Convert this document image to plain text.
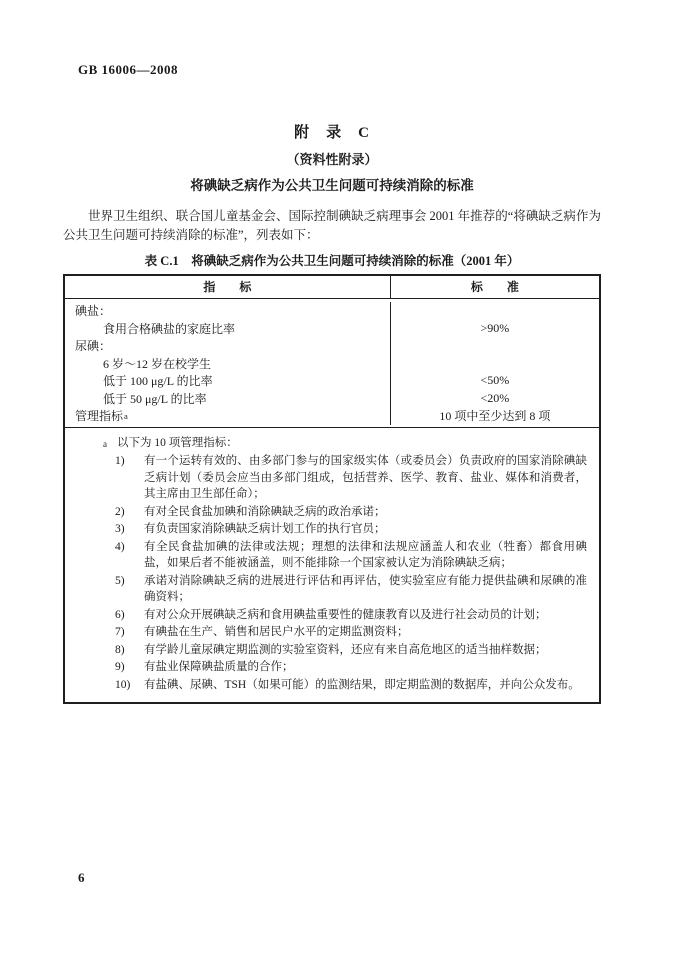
GB 16006—2008
附　录　C
（资料性附录）
将碘缺乏病作为公共卫生问题可持续消除的标准

世界卫生组织、联合国儿童基金会、国际控制碘缺乏病理事会 2001 年推荐的“将碘缺乏病作为公共卫生问题可持续消除的标准”，列表如下：

表 C.1　将碘缺乏病作为公共卫生问题可持续消除的标准（2001 年）
指　　标	标　　准
碘盐：
食用合格碘盐的家庭比率	>90%
尿碘：
6 岁～12 岁在校学生
低于 100 μg/L 的比率	<50%
低于 50 μg/L 的比率	<20%
管理指标 a	10 项中至少达到 8 项
a 以下为 10 项管理指标：
1)	有一个运转有效的、由多部门参与的国家级实体（或委员会）负责政府的国家消除碘缺乏病计划（委员会应当由多部门组成，包括营养、医学、教育、盐业、媒体和消费者，其主席由卫生部任命）；
2)	有对全民食盐加碘和消除碘缺乏病的政治承诺；
3)	有负责国家消除碘缺乏病计划工作的执行官员；
4)	有全民食盐加碘的法律或法规；理想的法律和法规应涵盖人和农业（牲畜）都食用碘盐，如果后者不能被涵盖，则不能排除一个国家被认定为消除碘缺乏病；
5)	承诺对消除碘缺乏病的进展进行评估和再评估，使实验室应有能力提供盐碘和尿碘的准确资料；
6)	有对公众开展碘缺乏病和食用碘盐重要性的健康教育以及进行社会动员的计划；
7)	有碘盐在生产、销售和居民户水平的定期监测资料；
8)	有学龄儿童尿碘定期监测的实验室资料，还应有来自高危地区的适当抽样数据；
9)	有盐业保障碘盐质量的合作；
10)	有盐碘、尿碘、TSH（如果可能）的监测结果，即定期监测的数据库，并向公众发布。
6
